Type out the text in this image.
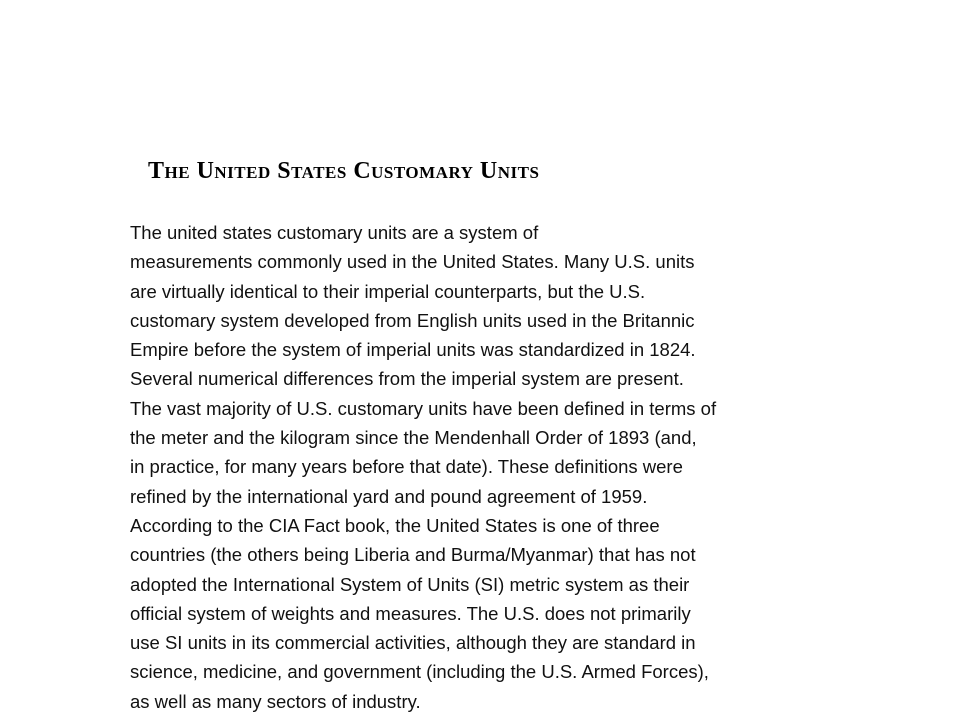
The United States Customary Units
The united states customary units are a system of
measurements commonly used in the United States. Many U.S. units
are virtually identical to their imperial counterparts, but the U.S.
customary system developed from English units used in the Britannic
Empire before the system of imperial units was standardized in 1824.
Several numerical differences from the imperial system are present.
The vast majority of U.S. customary units have been defined in terms of
the meter and the kilogram since the Mendenhall Order of 1893 (and,
in practice, for many years before that date). These definitions were
refined by the international yard and pound agreement of 1959.
According to the CIA Fact book, the United States is one of three
countries (the others being Liberia and Burma/Myanmar) that has not
adopted the International System of Units (SI) metric system as their
official system of weights and measures. The U.S. does not primarily
use SI units in its commercial activities, although they are standard in
science, medicine, and government (including the U.S. Armed Forces),
as well as many sectors of industry.
